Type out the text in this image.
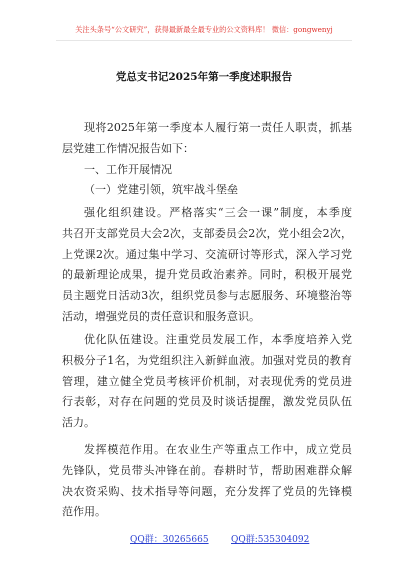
关注头条号“公文研究”，获得最新最全最专业的公文资料库！ 微信：gongwenyj
党总支书记2025年第一季度述职报告
现将2025年第一季度本人履行第一责任人职责，抓基
层党建工作情况报告如下：
一、工作开展情况
（一）党建引领，筑牢战斗堡垒
强化组织建设。严格落实“三会一课”制度，本季度
共召开支部党员大会2次，支部委员会2次，党小组会2次，
上党课2次。通过集中学习、交流研讨等形式，深入学习党
的最新理论成果，提升党员政治素养。同时，积极开展党
员主题党日活动3次，组织党员参与志愿服务、环境整治等
活动，增强党员的责任意识和服务意识。
优化队伍建设。注重党员发展工作，本季度培养入党
积极分子1名，为党组织注入新鲜血液。加强对党员的教育
管理，建立健全党员考核评价机制，对表现优秀的党员进
行表彰，对存在问题的党员及时谈话提醒，激发党员队伍
活力。
发挥模范作用。在农业生产等重点工作中，成立党员
先锋队，党员带头冲锋在前。春耕时节，帮助困难群众解
决农资采购、技术指导等问题，充分发挥了党员的先锋模
范作用。
QQ群：30265665 QQ群:535304092
